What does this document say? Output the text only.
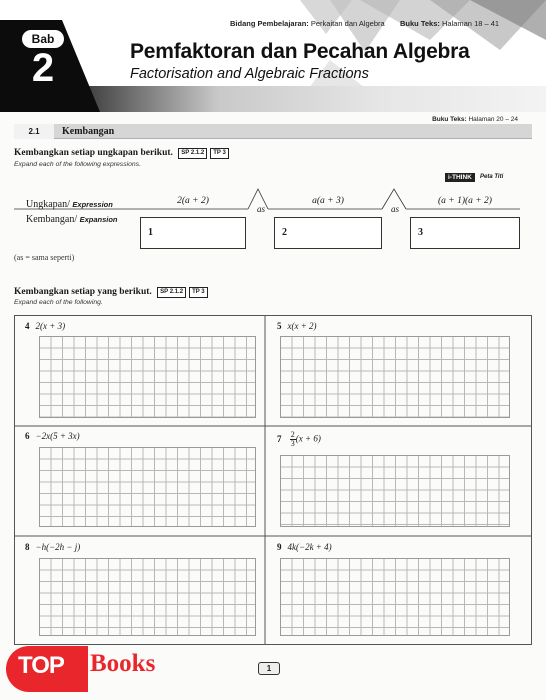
Bab
2
Bidang Pembelajaran: Perkaitan dan Algebra Buku Teks: Halaman 18 – 41
Pemfaktoran dan Pecahan Algebra
Factorisation and Algebraic Fractions
Buku Teks: Halaman 20 – 24
2.1	Kembangan
Kembangkan setiap ungkapan berikut. SP 2.1.2 TP 3
Expand each of the following expressions.
i-THINK	Peta Titi
Ungkapan/ Expression
Kembangan/ Expansion
2(a + 2)	a(a + 3)	(a + 1)(a + 2)
as	as
1	2	3
(as = sama seperti)
Kembangkan setiap yang berikut. SP 2.1.2 TP 3
Expand each of the following.
4 2(x + 3)	5 x(x + 2)
6 −2x(5 + 3x)	$7 \frac{2}{3} (x + 6)$
8 −h(−2h − j)	9 4k(−2k + 4)
TOP Books	1
